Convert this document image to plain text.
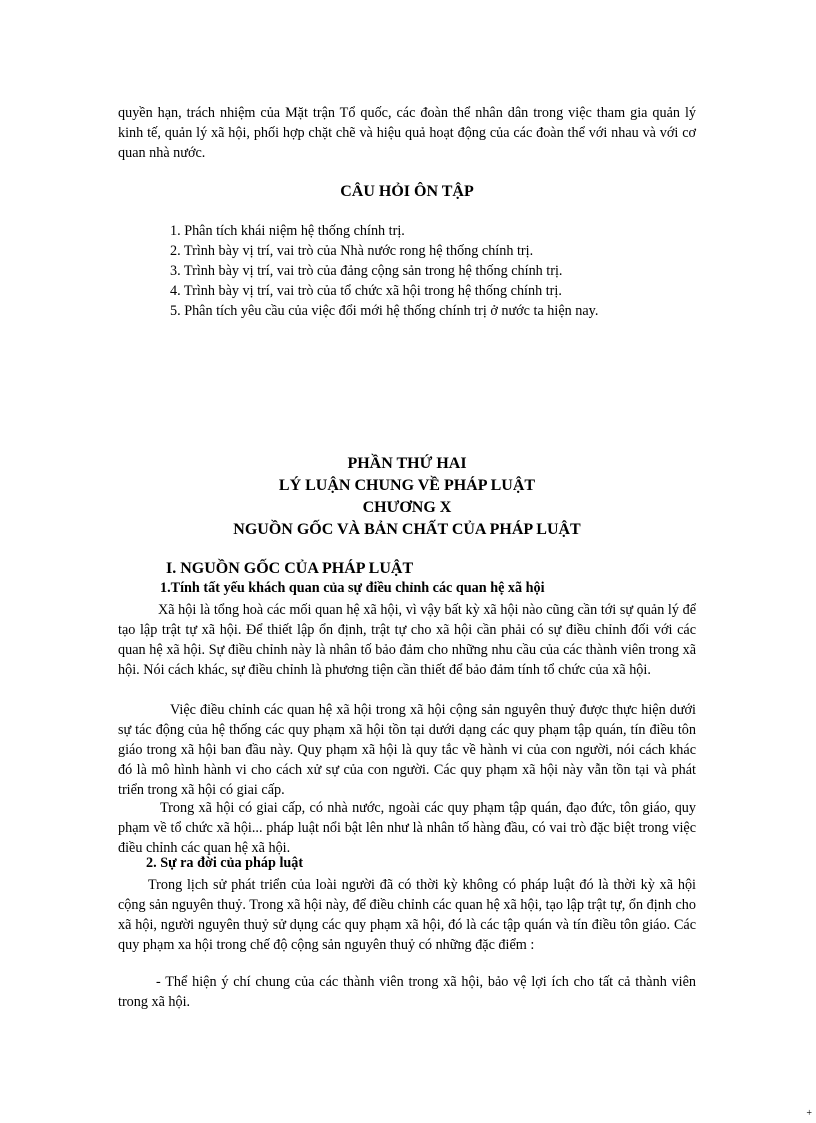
quyền hạn, trách nhiệm của Mặt trận Tổ quốc, các đoàn thể nhân dân trong việc tham gia quản lý kinh tế, quản lý xã hội, phối hợp chặt chẽ và hiệu quả hoạt động của các đoàn thể với nhau và với cơ quan nhà nước.

CÂU HỎI ÔN TẬP

1. Phân tích khái niệm hệ thống chính trị.

2. Trình bày vị trí, vai trò của Nhà nước rong hệ thống chính trị.

3. Trình bày vị trí, vai trò của đảng cộng sản trong hệ thống chính trị.

4. Trình bày vị trí, vai trò của tổ chức xã hội trong hệ thống chính trị.

5. Phân tích yêu cầu của việc đổi mới hệ thống chính trị ở nước ta hiện nay.

PHẦN THỨ HAI

LÝ LUẬN CHUNG VỀ PHÁP LUẬT

CHƯƠNG X

NGUỒN GỐC VÀ BẢN CHẤT CỦA PHÁP LUẬT

I. NGUỒN GỐC CỦA PHÁP LUẬT

1.Tính tất yếu khách quan của sự điều chỉnh các quan hệ xã hội

Xã hội là tổng hoà các mối quan hệ xã hội, vì vậy bất kỳ xã hội nào cũng cần tới sự quản lý để tạo lập trật tự xã hội. Để thiết lập ổn định, trật tự cho xã hội cần phải có sự điều chỉnh đối với các quan hệ xã hội. Sự điều chỉnh này là nhân tố bảo đảm cho những nhu cầu của các thành viên trong xã hội. Nói cách khác, sự điều chỉnh là phương tiện cần thiết để bảo đảm tính tổ chức của xã hội.

Việc điều chỉnh các quan hệ xã hội trong xã hội cộng sản nguyên thuỷ được thực hiện dưới sự tác động của hệ thống các quy phạm xã hội tồn tại dưới dạng các quy phạm tập quán, tín điều tôn giáo trong xã hội ban đầu này. Quy phạm xã hội là quy tắc về hành vi của con người, nói cách khác đó là mô hình hành vi cho cách xử sự của con người. Các quy phạm xã hội này vẫn tồn tại và phát triển trong xã hội có giai cấp.

Trong xã hội có giai cấp, có nhà nước, ngoài các quy phạm tập quán, đạo đức, tôn giáo, quy phạm về tổ chức xã hội... pháp luật nổi bật lên như là nhân tố hàng đầu, có vai trò đặc biệt trong việc điều chỉnh các quan hệ xã hội.

2. Sự ra đời của pháp luật

Trong lịch sử phát triển của loài người đã có thời kỳ không có pháp luật đó là thời kỳ xã hội cộng sản nguyên thuỷ. Trong xã hội này, để điều chỉnh các quan hệ xã hội, tạo lập trật tự, ổn định cho xã hội, người nguyên thuỷ sử dụng các quy phạm xã hội, đó là các tập quán và tín điều tôn giáo. Các quy phạm xa hội trong chế độ cộng sản nguyên thuỷ có những đặc điểm :

- Thể hiện ý chí chung của các thành viên trong xã hội, bảo vệ lợi ích cho tất cả thành viên trong xã hội.

+
